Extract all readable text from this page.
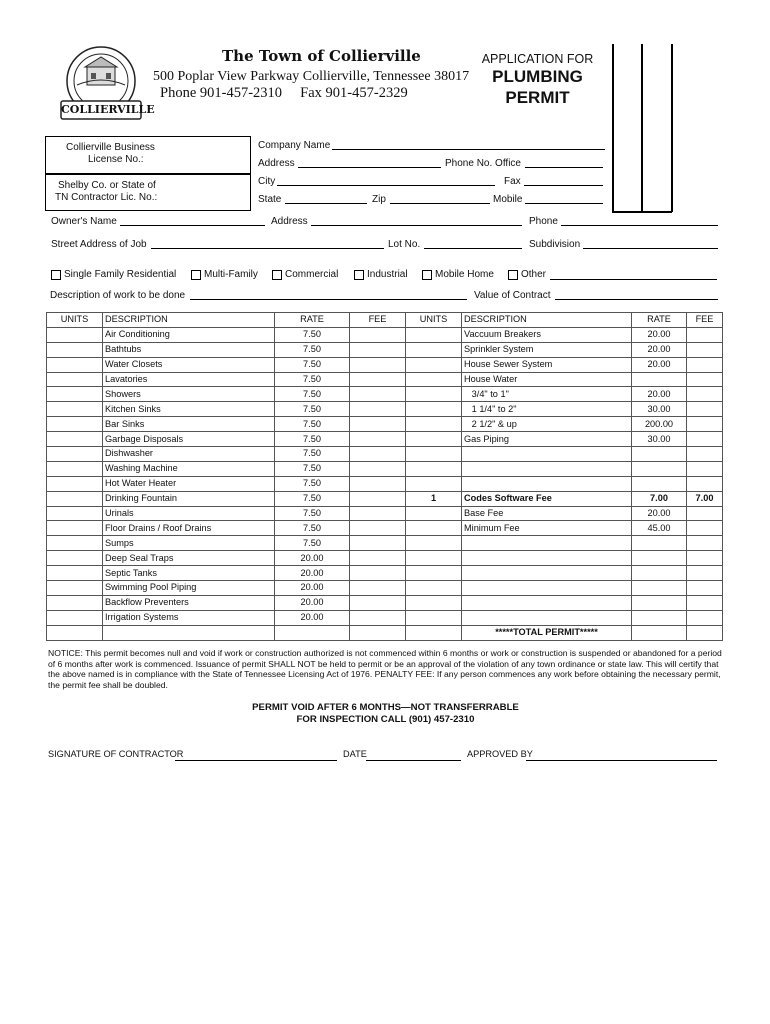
COLLIERVILLE
The Town of Collierville
500 Poplar View Parkway Collierville, Tennessee 38017
Phone 901-457-2310     Fax 901-457-2329
APPLICATION FOR
PLUMBING
PERMIT
Collierville Business
License No.:
Shelby Co. or State of
TN Contractor Lic. No.:
Company Name
Address	Phone No. Office
City	Fax
State	Zip	Mobile
Owner's Name	Address	Phone
Street Address of Job	Lot No.	Subdivision
Single Family Residential	Multi-Family	Commercial	Industrial	Mobile Home	Other
Description of work to be done	Value of Contract
UNITS	DESCRIPTION	RATE	FEE	UNITS	DESCRIPTION	RATE	FEE
	Air Conditioning	7.50			Vaccuum Breakers	20.00	
	Bathtubs	7.50			Sprinkler System	20.00	
	Water Closets	7.50			House Sewer System	20.00	
	Lavatories	7.50			House Water		
	Showers	7.50			3/4" to 1"	20.00	
	Kitchen Sinks	7.50			1 1/4" to 2"	30.00	
	Bar Sinks	7.50			2 1/2" & up	200.00	
	Garbage Disposals	7.50			Gas Piping	30.00	
	Dishwasher	7.50					
	Washing Machine	7.50					
	Hot Water Heater	7.50					
	Drinking Fountain	7.50		1	Codes Software Fee	7.00	7.00
	Urinals	7.50			Base Fee	20.00	
	Floor Drains / Roof Drains	7.50			Minimum Fee	45.00	
	Sumps	7.50					
	Deep Seal Traps	20.00					
	Septic Tanks	20.00					
	Swimming Pool Piping	20.00					
	Backflow Preventers	20.00					
	Irrigation Systems	20.00					
					*****TOTAL PERMIT*****		
NOTICE: This permit becomes null and void if work or construction authorized is not commenced within 6 months or work or construction is suspended or abandoned for a period of 6 months after work is commenced. Issuance of permit SHALL NOT be held to permit or be an approval of the violation of any town ordinance or state law. This will certify that the above named is in compliance with the State of Tennessee Licensing Act of 1976. PENALTY FEE: If any person commences any work before obtaining the necessary permit, the permit fee shall be doubled.
PERMIT VOID AFTER 6 MONTHS—NOT TRANSFERRABLE
FOR INSPECTION CALL (901) 457-2310
SIGNATURE OF CONTRACTOR	DATE	APPROVED BY
